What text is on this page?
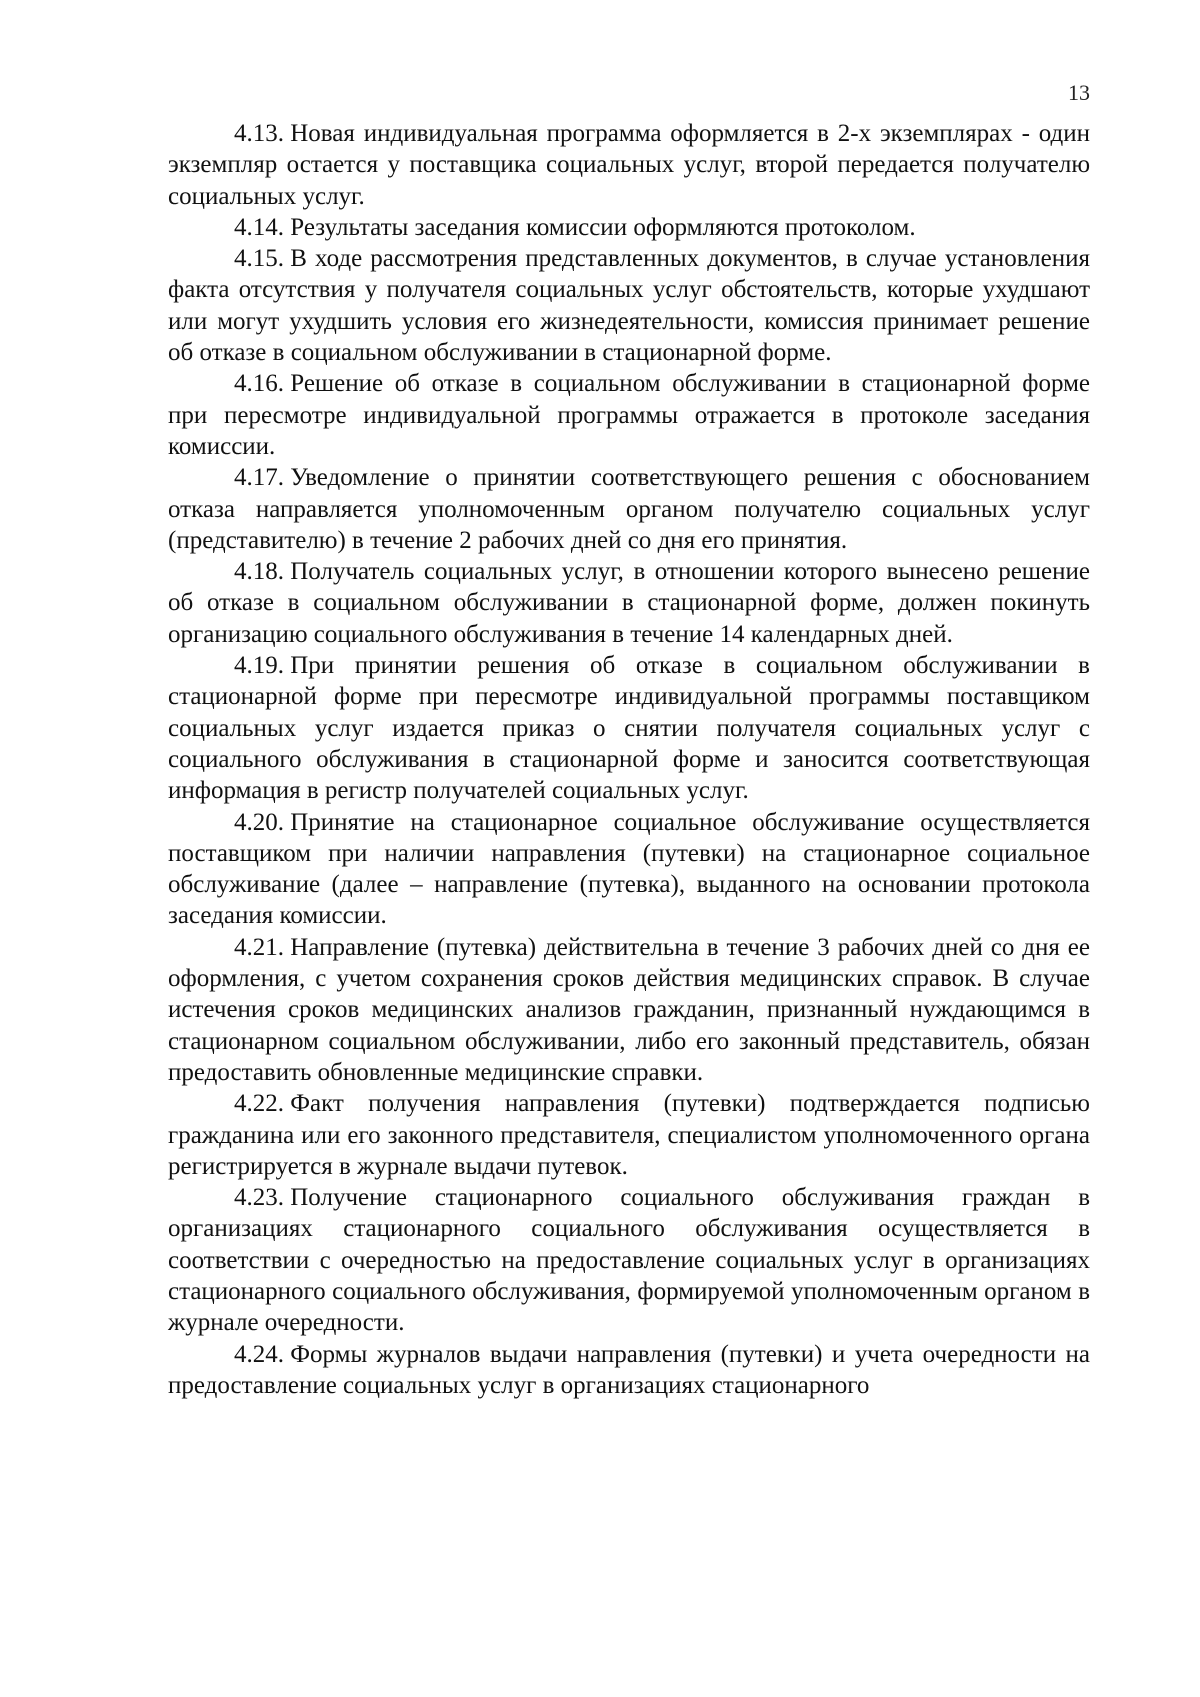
13

4.13. Новая индивидуальная программа оформляется в 2-х экземплярах - один экземпляр остается у поставщика социальных услуг, второй передается получателю социальных услуг.

4.14. Результаты заседания комиссии оформляются протоколом.

4.15. В ходе рассмотрения представленных документов, в случае установления факта отсутствия у получателя социальных услуг обстоятельств, которые ухудшают или могут ухудшить условия его жизнедеятельности, комиссия принимает решение об отказе в социальном обслуживании в стационарной форме.

4.16. Решение об отказе в социальном обслуживании в стационарной форме при пересмотре индивидуальной программы отражается в протоколе заседания комиссии.

4.17. Уведомление о принятии соответствующего решения с обоснованием отказа направляется уполномоченным органом получателю социальных услуг (представителю) в течение 2 рабочих дней со дня его принятия.

4.18. Получатель социальных услуг, в отношении которого вынесено решение об отказе в социальном обслуживании в стационарной форме, должен покинуть организацию социального обслуживания в течение 14 календарных дней.

4.19. При принятии решения об отказе в социальном обслуживании в стационарной форме при пересмотре индивидуальной программы поставщиком социальных услуг издается приказ о снятии получателя социальных услуг с социального обслуживания в стационарной форме и заносится соответствующая информация в регистр получателей социальных услуг.

4.20. Принятие на стационарное социальное обслуживание осуществляется поставщиком при наличии направления (путевки) на стационарное социальное обслуживание (далее – направление (путевка), выданного на основании протокола заседания комиссии.

4.21. Направление (путевка) действительна в течение 3 рабочих дней со дня ее оформления, с учетом сохранения сроков действия медицинских справок. В случае истечения сроков медицинских анализов гражданин, признанный нуждающимся в стационарном социальном обслуживании, либо его законный представитель, обязан предоставить обновленные медицинские справки.

4.22. Факт получения направления (путевки) подтверждается подписью гражданина или его законного представителя, специалистом уполномоченного органа регистрируется в журнале выдачи путевок.

4.23. Получение стационарного социального обслуживания граждан в организациях стационарного социального обслуживания осуществляется в соответствии с очередностью на предоставление социальных услуг в организациях стационарного социального обслуживания, формируемой уполномоченным органом в журнале очередности.

4.24. Формы журналов выдачи направления (путевки) и учета очередности на предоставление социальных услуг в организациях стационарного
